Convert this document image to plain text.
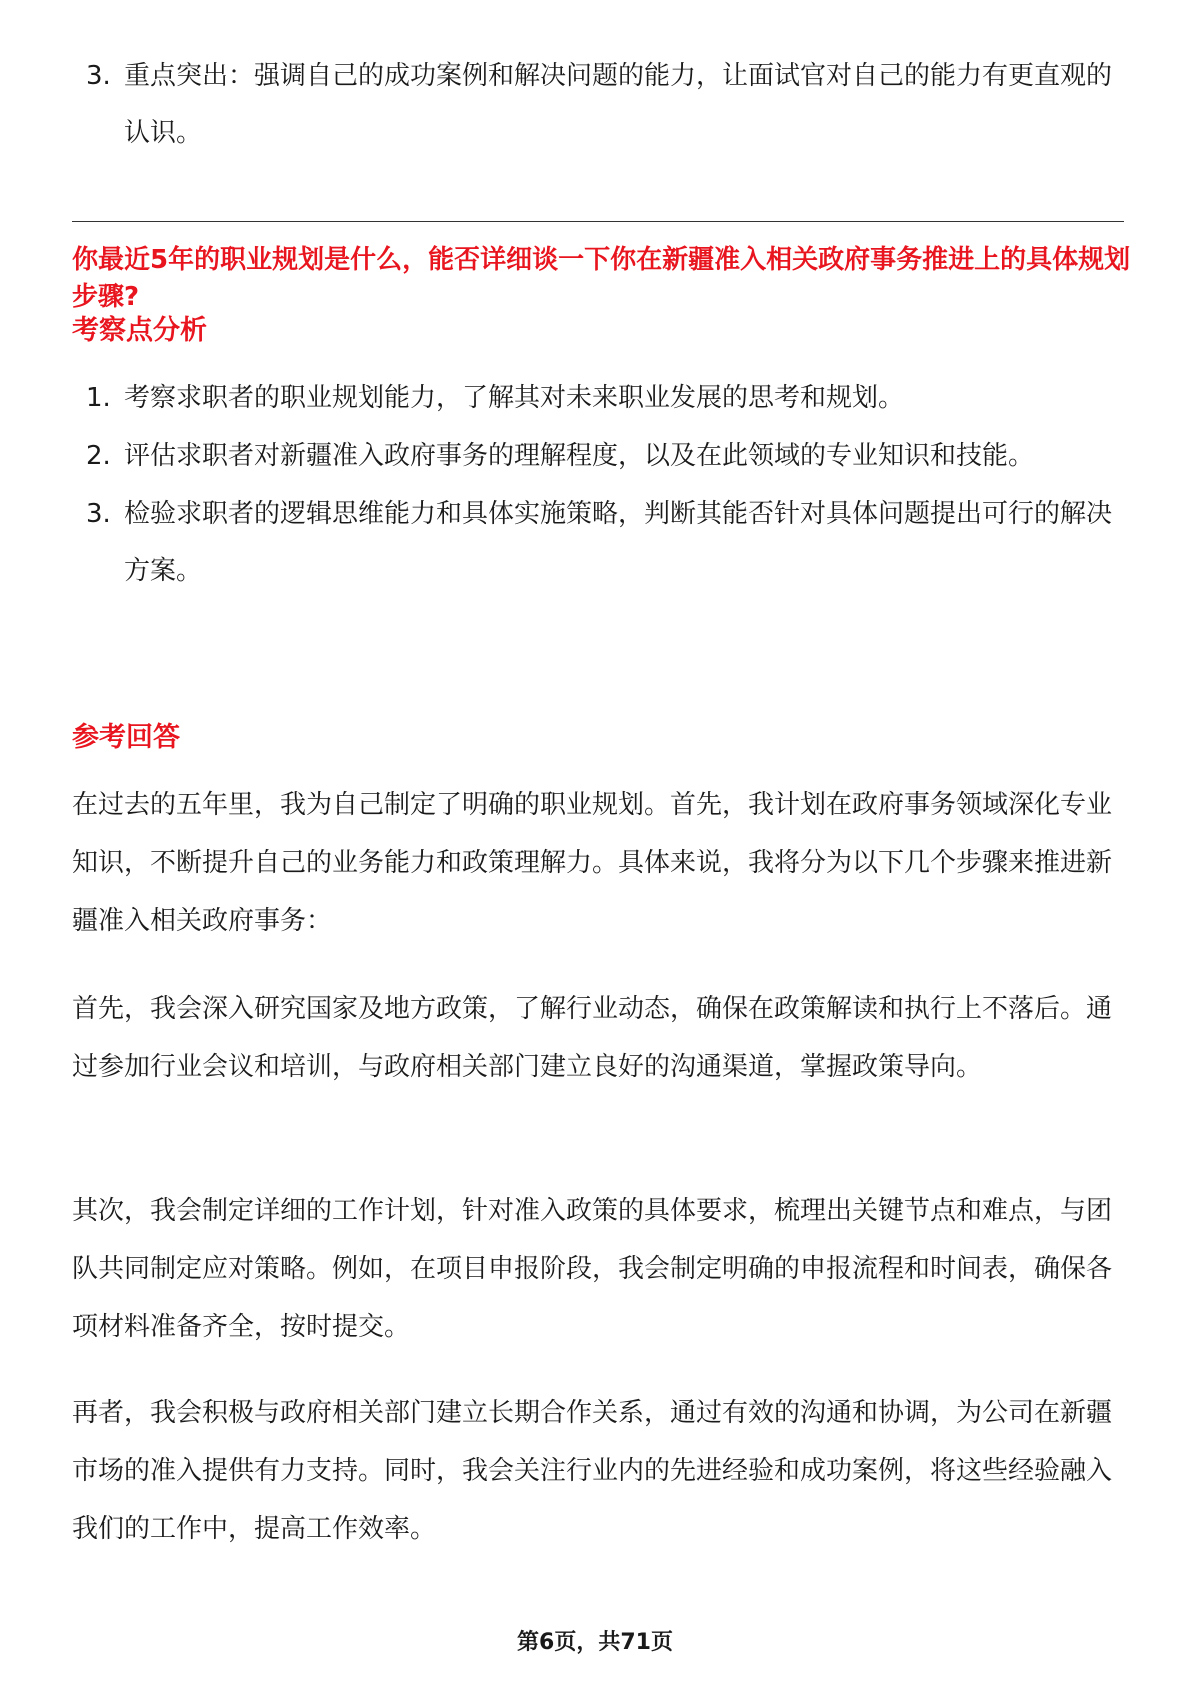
3. 重点突出：强调自己的成功案例和解决问题的能力，让面试官对自己的能力有更直观的认识。
你最近5年的职业规划是什么，能否详细谈一下你在新疆准入相关政府事务推进上的具体规划步骤?
考察点分析
1. 考察求职者的职业规划能力，了解其对未来职业发展的思考和规划。
2. 评估求职者对新疆准入政府事务的理解程度，以及在此领域的专业知识和技能。
3. 检验求职者的逻辑思维能力和具体实施策略，判断其能否针对具体问题提出可行的解决方案。
参考回答

在过去的五年里，我为自己制定了明确的职业规划。首先，我计划在政府事务领域深化专业知识，不断提升自己的业务能力和政策理解力。具体来说，我将分为以下几个步骤来推进新疆准入相关政府事务：

首先，我会深入研究国家及地方政策，了解行业动态，确保在政策解读和执行上不落后。通过参加行业会议和培训，与政府相关部门建立良好的沟通渠道，掌握政策导向。

其次，我会制定详细的工作计划，针对准入政策的具体要求，梳理出关键节点和难点，与团队共同制定应对策略。例如，在项目申报阶段，我会制定明确的申报流程和时间表，确保各项材料准备齐全，按时提交。

再者，我会积极与政府相关部门建立长期合作关系，通过有效的沟通和协调，为公司在新疆市场的准入提供有力支持。同时，我会关注行业内的先进经验和成功案例，将这些经验融入我们的工作中，提高工作效率。

第6页，共71页
